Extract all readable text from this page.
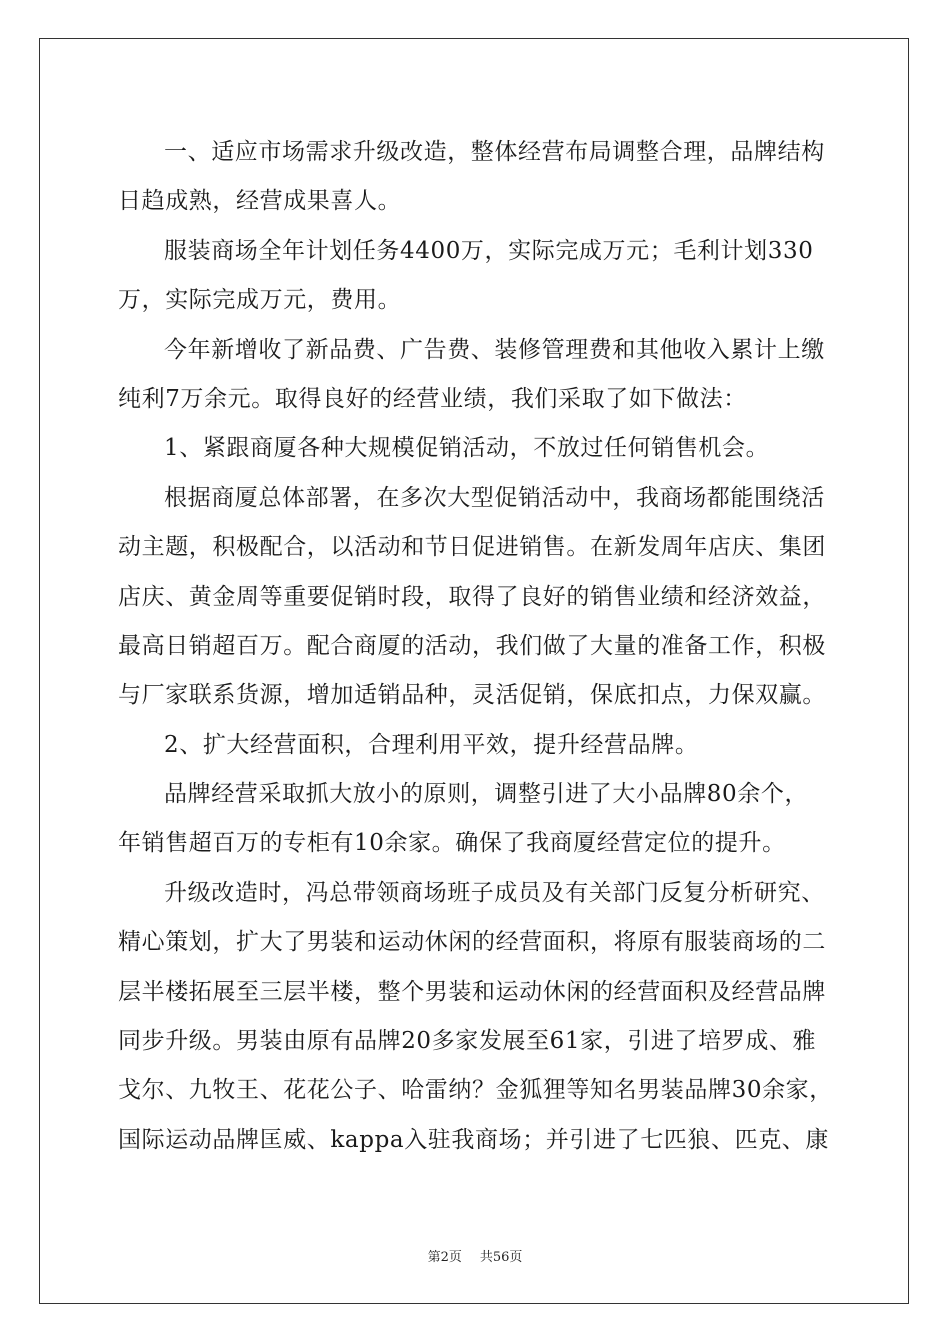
一、适应市场需求升级改造，整体经营布局调整合理，品牌结构
日趋成熟，经营成果喜人。
服装商场全年计划任务4400万，实际完成万元；毛利计划330
万，实际完成万元，费用。
今年新增收了新品费、广告费、装修管理费和其他收入累计上缴
纯利7万余元。取得良好的经营业绩，我们采取了如下做法：
1、紧跟商厦各种大规模促销活动，不放过任何销售机会。
根据商厦总体部署，在多次大型促销活动中，我商场都能围绕活
动主题，积极配合，以活动和节日促进销售。在新发周年店庆、集团
店庆、黄金周等重要促销时段，取得了良好的销售业绩和经济效益，
最高日销超百万。配合商厦的活动，我们做了大量的准备工作，积极
与厂家联系货源，增加适销品种，灵活促销，保底扣点，力保双赢。
2、扩大经营面积，合理利用平效，提升经营品牌。
品牌经营采取抓大放小的原则，调整引进了大小品牌80余个，
年销售超百万的专柜有10余家。确保了我商厦经营定位的提升。
升级改造时，冯总带领商场班子成员及有关部门反复分析研究、
精心策划，扩大了男装和运动休闲的经营面积，将原有服装商场的二
层半楼拓展至三层半楼，整个男装和运动休闲的经营面积及经营品牌
同步升级。男装由原有品牌20多家发展至61家，引进了培罗成、雅
戈尔、九牧王、花花公子、哈雷纳？金狐狸等知名男装品牌30余家，
国际运动品牌匡威、kappa入驻我商场；并引进了七匹狼、匹克、康
第2页 共56页
